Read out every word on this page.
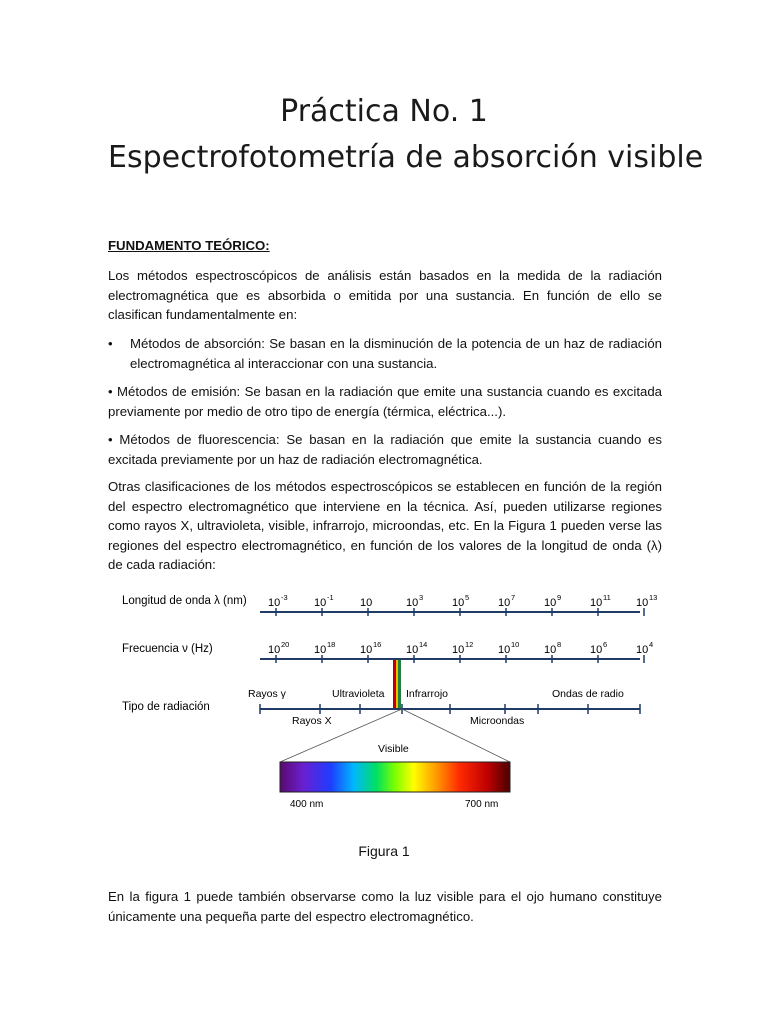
Práctica No. 1
Espectrofotometría de absorción visible
FUNDAMENTO TEÓRICO:

Los métodos espectroscópicos de análisis están basados en la medida de la radiación electromagnética que es absorbida o emitida por una sustancia. En función de ello se clasifican fundamentalmente en:

• Métodos de absorción: Se basan en la disminución de la potencia de un haz de radiación electromagnética al interaccionar con una sustancia.

• Métodos de emisión: Se basan en la radiación que emite una sustancia cuando es excitada previamente por medio de otro tipo de energía (térmica, eléctrica...).

• Métodos de fluorescencia: Se basan en la radiación que emite la sustancia cuando es excitada previamente por un haz de radiación electromagnética.

Otras clasificaciones de los métodos espectroscópicos se establecen en función de la región del espectro electromagnético que interviene en la técnica. Así, pueden utilizarse regiones como rayos X, ultravioleta, visible, infrarrojo, microondas, etc. En la Figura 1 pueden verse las regiones del espectro electromagnético, en función de los valores de la longitud de onda (λ) de cada radiación:

Longitud de onda λ (nm) 10 -3 10 -1 10	10 3	10 5	10 7	10 9	10 11 10 13
Frecuencia ν (Hz)	10 20 10 18 10 16 10 14 10 12 10 10 10 8	10 6	10 4
Tipo de radiación
Rayos γ	Ultravioleta Infrarrojo	Ondas de radio
Rayos X	Microondas
Visible
400 nm	700 nm
Figura 1

En la figura 1 puede también observarse como la luz visible para el ojo humano constituye únicamente una pequeña parte del espectro electromagnético.
